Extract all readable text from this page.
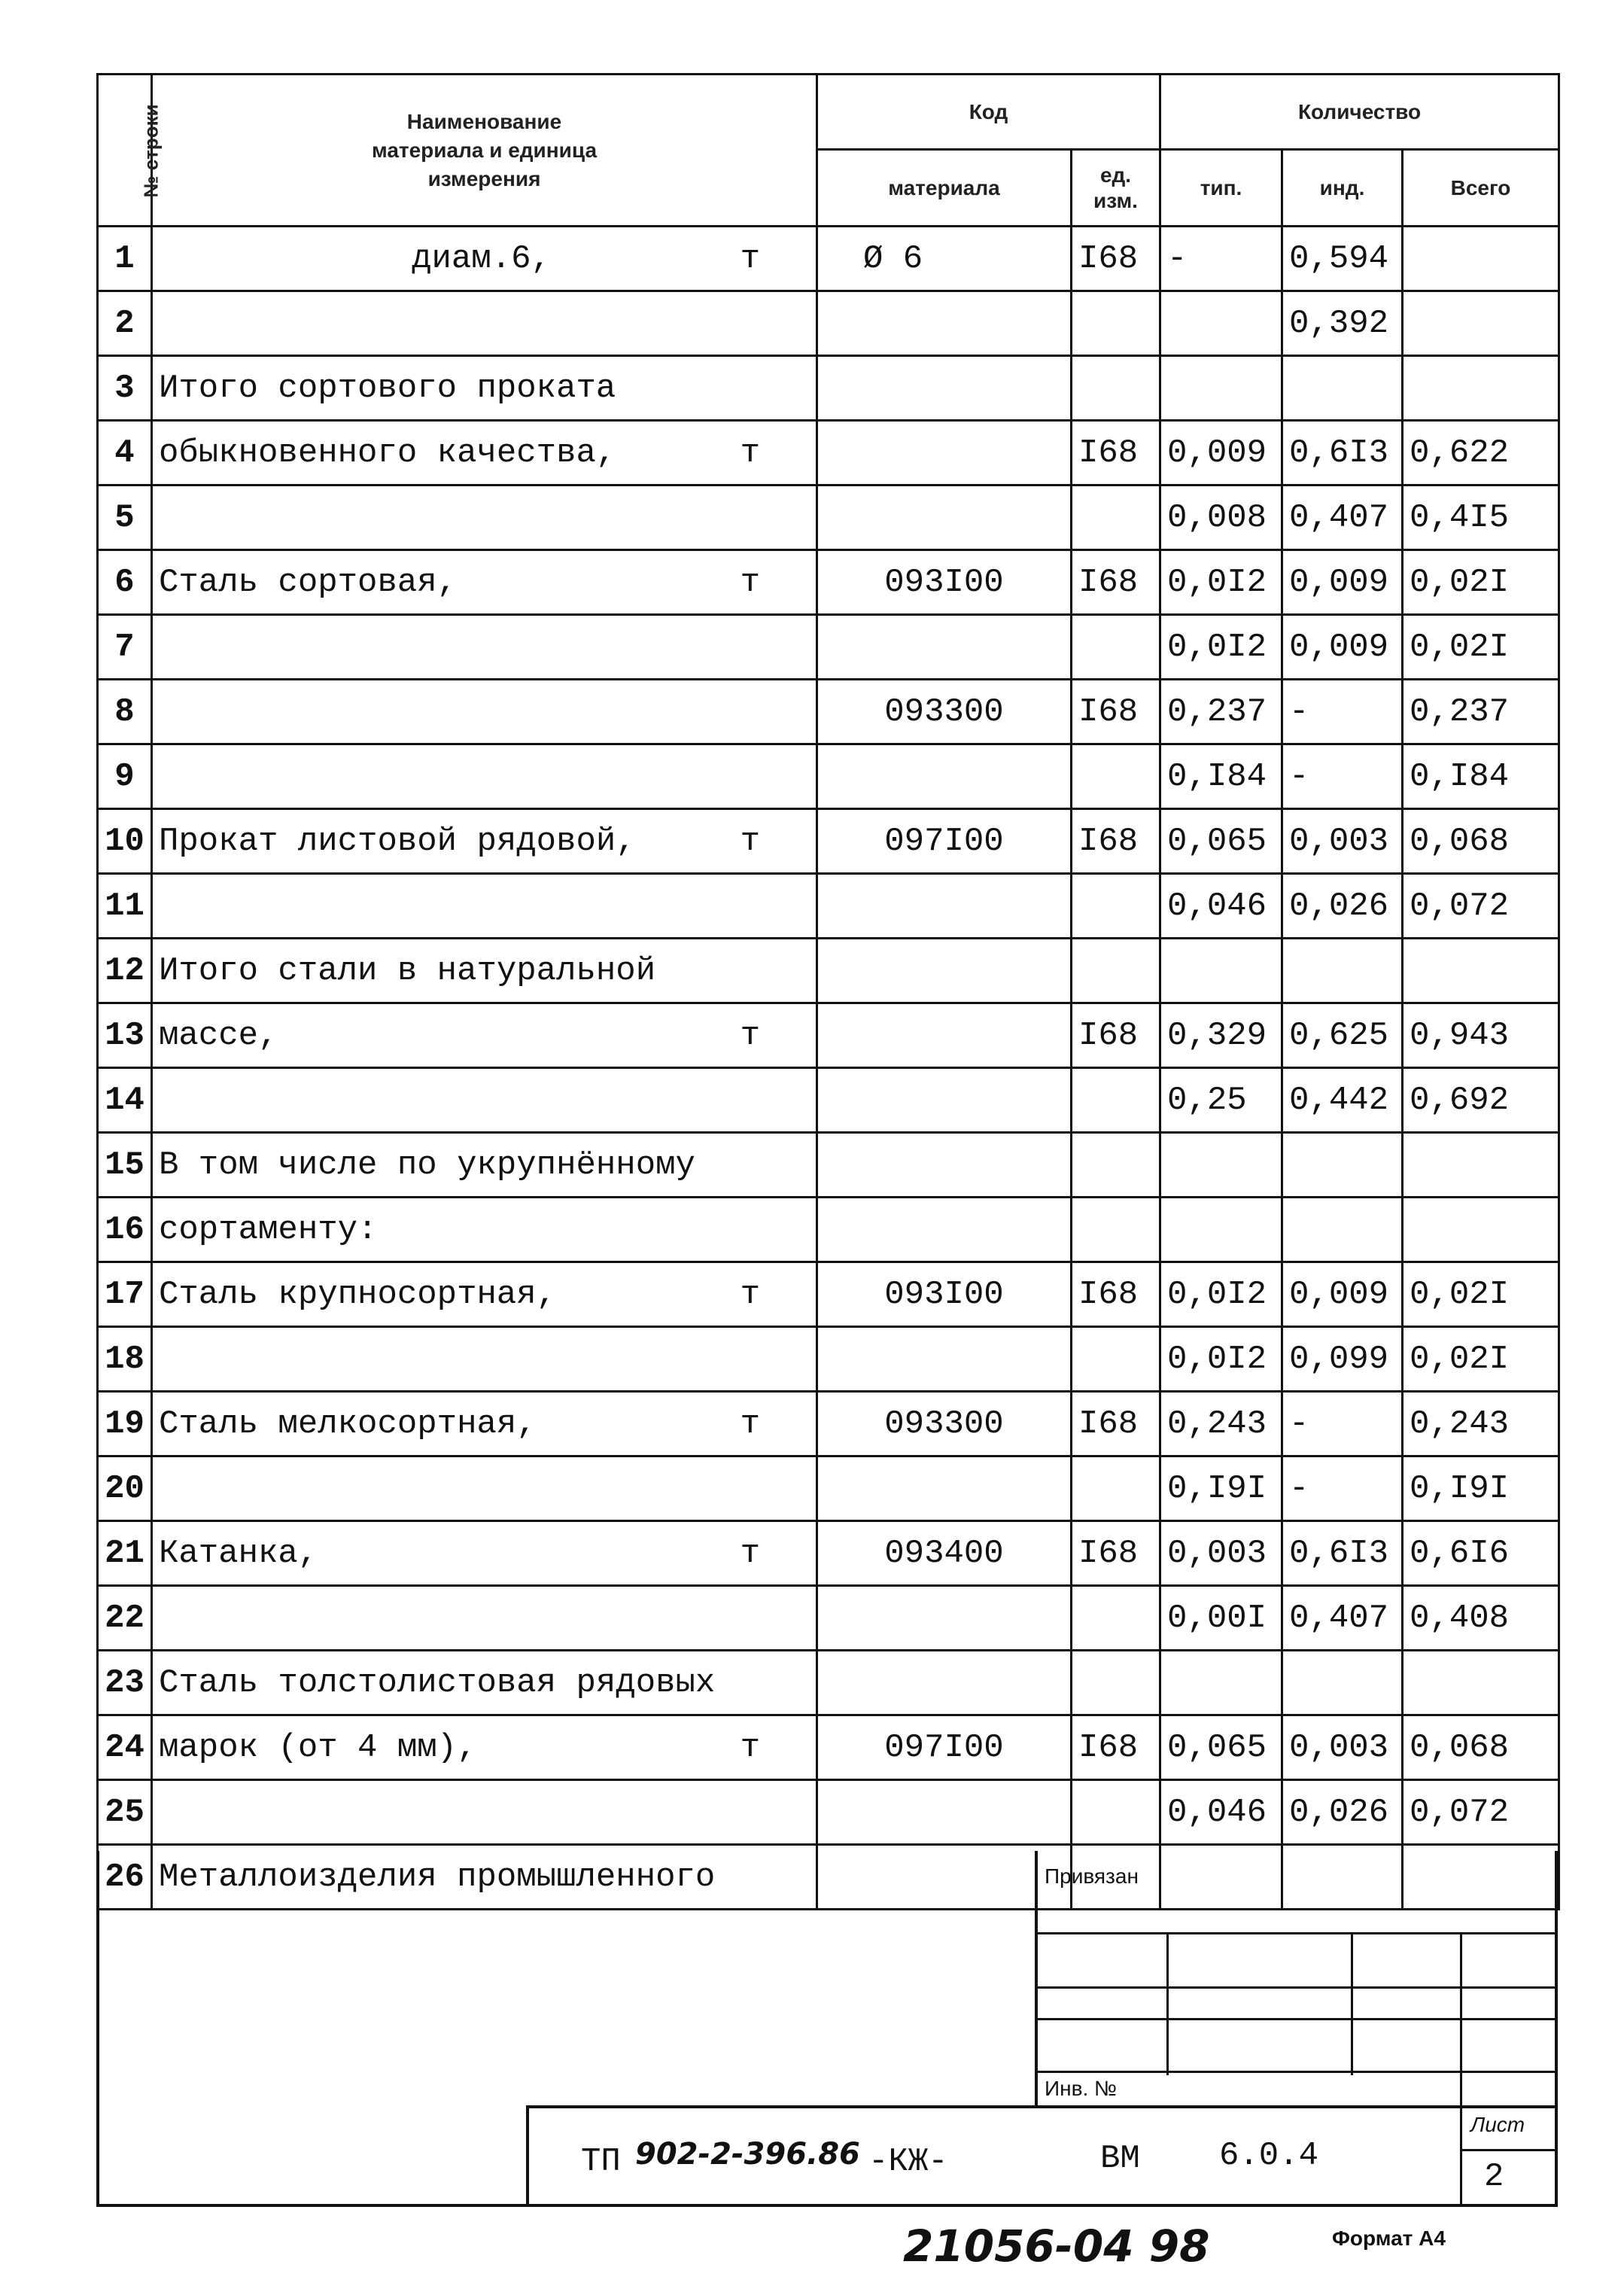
№ строки	Наименование материала и единица измерения	Код		Количество		
		материала	ед. изм.	тип.	инд.	Всего
1	диам.6, т	Ø 6	I68	-	0,594	
2					0,392	
3	Итого сортового проката

4	обыкновенного качества, т		I68	0,009	0,6I3	0,622
5				0,008	0,407	0,4I5
6	Сталь сортовая, т	093I00	I68	0,0I2	0,009	0,02I
7				0,0I2	0,009	0,02I
8		093300	I68	0,237	-	0,237
9				0,I84	-	0,I84
10	Прокат листовой рядовой, т	097I00	I68	0,065	0,003	0,068
11				0,046	0,026	0,072
12	Итого стали в натуральной

13	массе, т		I68	0,329	0,625	0,943
14				0,25	0,442	0,692
15	В том числе по укрупнённому

16	сортаменту:

17	Сталь крупносортная, т	093I00	I68	0,0I2	0,009	0,02I
18				0,0I2	0,099	0,02I
19	Сталь мелкосортная, т	093300	I68	0,243	-	0,243
20				0,I9I	-	0,I9I
21	Катанка, т	093400	I68	0,003	0,6I3	0,6I6
22				0,00I	0,407	0,408
23	Сталь толстолистовая рядовых

24	марок (от 4 мм), т	097I00	I68	0,065	0,003	0,068
25				0,046	0,026	0,072
26	Металлоизделия промышленного
						Привязан
Инв. №
ТП 902-2-396.86 -КЖ-	ВМ 6.0.4
Лист
2
21056-04 98	Формат А4
